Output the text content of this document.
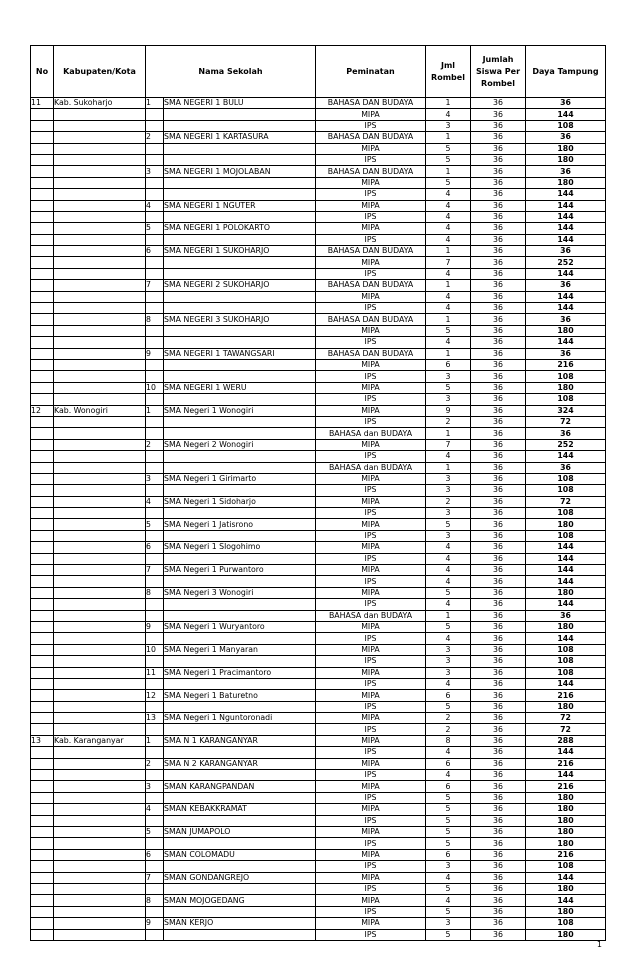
No	Kabupaten/Kota	Nama Sekolah		Peminatan	Jml Rombel	Jumlah Siswa Per Rombel	Daya Tampung
11	Kab. Sukoharjo	1	SMA NEGERI 1 BULU	BAHASA DAN BUDAYA	1	36	36
				MIPA	4	36	144
				IPS	3	36	108
		2	SMA NEGERI 1 KARTASURA	BAHASA DAN BUDAYA	1	36	36
				MIPA	5	36	180
				IPS	5	36	180
		3	SMA NEGERI 1 MOJOLABAN	BAHASA DAN BUDAYA	1	36	36
				MIPA	5	36	180
				IPS	4	36	144
		4	SMA NEGERI 1 NGUTER	MIPA	4	36	144
				IPS	4	36	144
		5	SMA NEGERI 1 POLOKARTO	MIPA	4	36	144
				IPS	4	36	144
		6	SMA NEGERI 1 SUKOHARJO	BAHASA DAN BUDAYA	1	36	36
				MIPA	7	36	252
				IPS	4	36	144
		7	SMA NEGERI 2 SUKOHARJO	BAHASA DAN BUDAYA	1	36	36
				MIPA	4	36	144
				IPS	4	36	144
		8	SMA NEGERI 3 SUKOHARJO	BAHASA DAN BUDAYA	1	36	36
				MIPA	5	36	180
				IPS	4	36	144
		9	SMA NEGERI 1 TAWANGSARI	BAHASA DAN BUDAYA	1	36	36
				MIPA	6	36	216
				IPS	3	36	108
		10	SMA NEGERI 1 WERU	MIPA	5	36	180
				IPS	3	36	108
12	Kab. Wonogiri	1	SMA Negeri 1 Wonogiri	MIPA	9	36	324
				IPS	2	36	72
				BAHASA dan BUDAYA	1	36	36
		2	SMA Negeri 2 Wonogiri	MIPA	7	36	252
				IPS	4	36	144
				BAHASA dan BUDAYA	1	36	36
		3	SMA Negeri 1 Girimarto	MIPA	3	36	108
				IPS	3	36	108
		4	SMA Negeri 1 Sidoharjo	MIPA	2	36	72
				IPS	3	36	108
		5	SMA Negeri 1 Jatisrono	MIPA	5	36	180
				IPS	3	36	108
		6	SMA Negeri 1 Slogohimo	MIPA	4	36	144
				IPS	4	36	144
		7	SMA Negeri 1 Purwantoro	MIPA	4	36	144
				IPS	4	36	144
		8	SMA Negeri 3 Wonogiri	MIPA	5	36	180
				IPS	4	36	144
				BAHASA dan BUDAYA	1	36	36
		9	SMA Negeri 1 Wuryantoro	MIPA	5	36	180
				IPS	4	36	144
		10	SMA Negeri 1 Manyaran	MIPA	3	36	108
				IPS	3	36	108
		11	SMA Negeri 1 Pracimantoro	MIPA	3	36	108
				IPS	4	36	144
		12	SMA Negeri 1 Baturetno	MIPA	6	36	216
				IPS	5	36	180
		13	SMA Negeri 1 Nguntoronadi	MIPA	2	36	72
				IPS	2	36	72
13	Kab. Karanganyar	1	SMA N 1 KARANGANYAR	MIPA	8	36	288
				IPS	4	36	144
		2	SMA N 2 KARANGANYAR	MIPA	6	36	216
				IPS	4	36	144
		3	SMAN KARANGPANDAN	MIPA	6	36	216
				IPS	5	36	180
		4	SMAN KEBAKKRAMAT	MIPA	5	36	180
				IPS	5	36	180
		5	SMAN JUMAPOLO	MIPA	5	36	180
				IPS	5	36	180
		6	SMAN COLOMADU	MIPA	6	36	216
				IPS	3	36	108
		7	SMAN GONDANGREJO	MIPA	4	36	144
				IPS	5	36	180
		8	SMAN MOJOGEDANG	MIPA	4	36	144
				IPS	5	36	180
		9	SMAN KERJO	MIPA	3	36	108
				IPS	5	36	180
1
